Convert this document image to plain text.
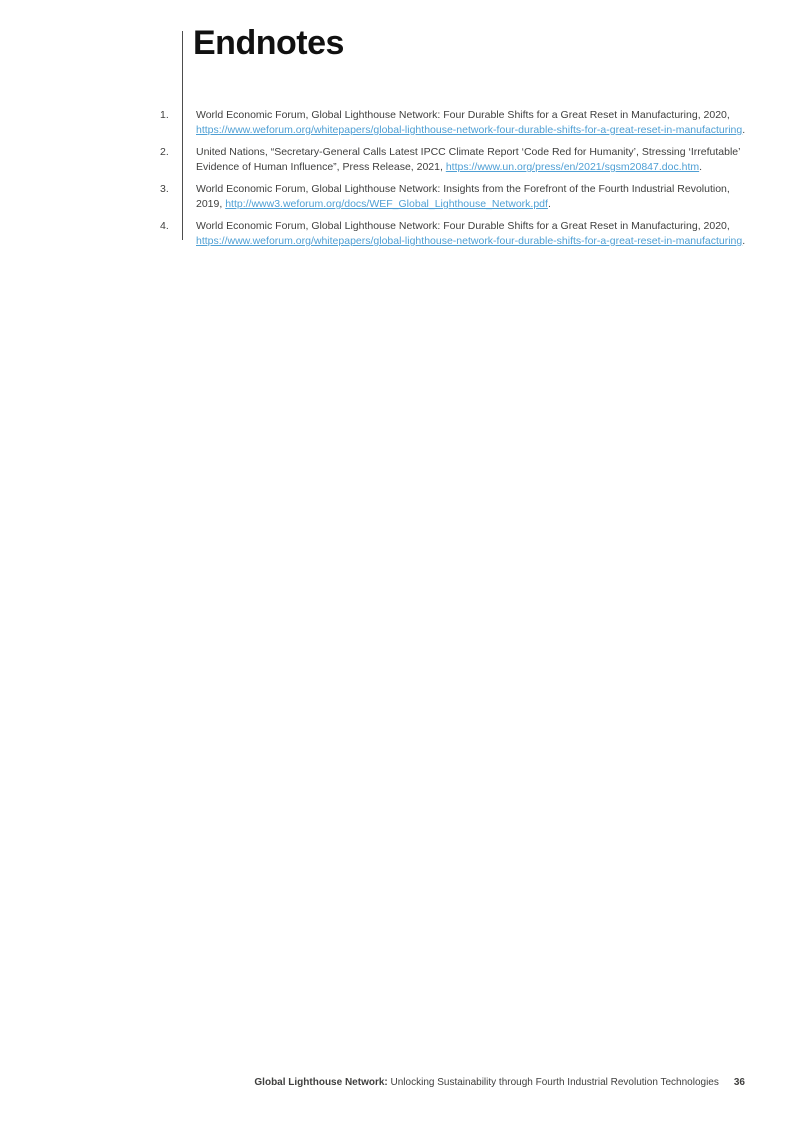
Endnotes
1.	World Economic Forum, Global Lighthouse Network: Four Durable Shifts for a Great Reset in Manufacturing, 2020, https://www.weforum.org/whitepapers/global-lighthouse-network-four-durable-shifts-for-a-great-reset-in-manufacturing.
2.	United Nations, “Secretary-General Calls Latest IPCC Climate Report ‘Code Red for Humanity’, Stressing ‘Irrefutable’ Evidence of Human Influence”, Press Release, 2021, https://www.un.org/press/en/2021/sgsm20847.doc.htm.
3.	World Economic Forum, Global Lighthouse Network: Insights from the Forefront of the Fourth Industrial Revolution, 2019, http://www3.weforum.org/docs/WEF_Global_Lighthouse_Network.pdf.
4.	World Economic Forum, Global Lighthouse Network: Four Durable Shifts for a Great Reset in Manufacturing, 2020, https://www.weforum.org/whitepapers/global-lighthouse-network-four-durable-shifts-for-a-great-reset-in-manufacturing.
Global Lighthouse Network: Unlocking Sustainability through Fourth Industrial Revolution Technologies 36
